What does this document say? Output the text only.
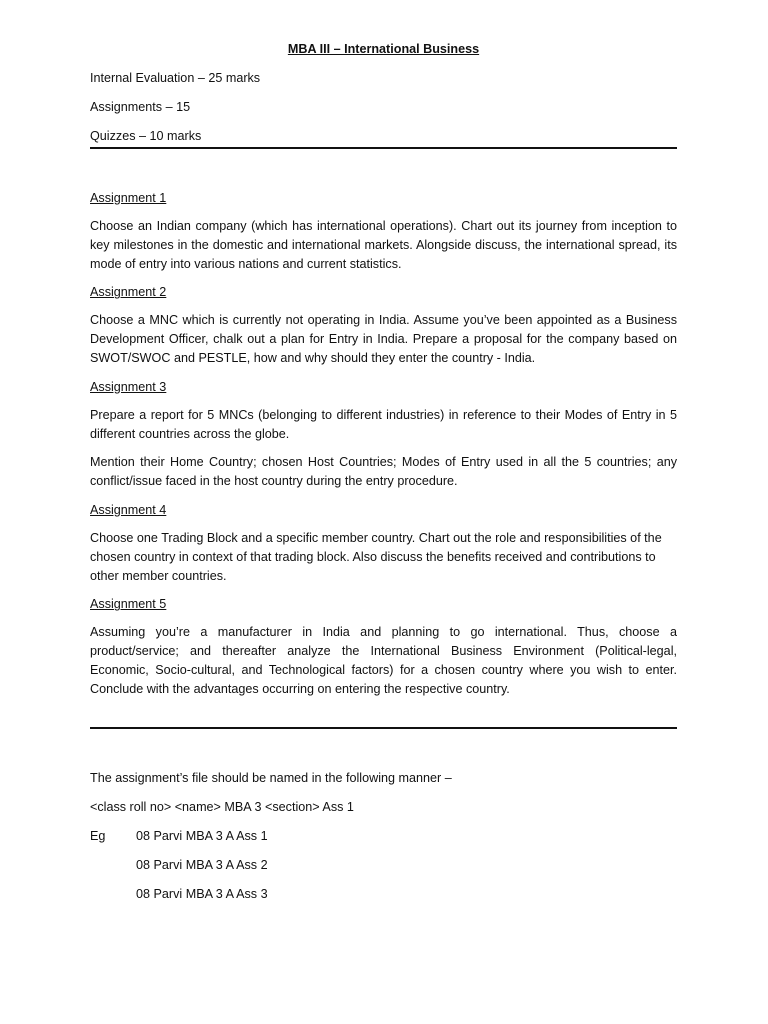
MBA III – International Business
Internal Evaluation – 25 marks
Assignments – 15
Quizzes – 10 marks
Assignment 1
Choose an Indian company (which has international operations). Chart out its journey from inception to key milestones in the domestic and international markets. Alongside discuss, the international spread, its mode of entry into various nations and current statistics.
Assignment 2
Choose a MNC which is currently not operating in India. Assume you’ve been appointed as a Business Development Officer, chalk out a plan for Entry in India. Prepare a proposal for the company based on SWOT/SWOC and PESTLE, how and why should they enter the country - India.
Assignment 3
Prepare a report for 5 MNCs (belonging to different industries) in reference to their Modes of Entry in 5 different countries across the globe.
Mention their Home Country; chosen Host Countries; Modes of Entry used in all the 5 countries; any conflict/issue faced in the host country during the entry procedure.
Assignment 4
Choose one Trading Block and a specific member country. Chart out the role and responsibilities of the chosen country in context of that trading block. Also discuss the benefits received and contributions to other member countries.
Assignment 5
Assuming you’re a manufacturer in India and planning to go international. Thus, choose a product/service; and thereafter analyze the International Business Environment (Political-legal, Economic, Socio-cultural, and Technological factors) for a chosen country where you wish to enter. Conclude with the advantages occurring on entering the respective country.
The assignment’s file should be named in the following manner –
<class roll no> <name> MBA 3 <section> Ass 1
Eg	08 Parvi MBA 3 A Ass 1
08 Parvi MBA 3 A Ass 2
08 Parvi MBA 3 A Ass 3
